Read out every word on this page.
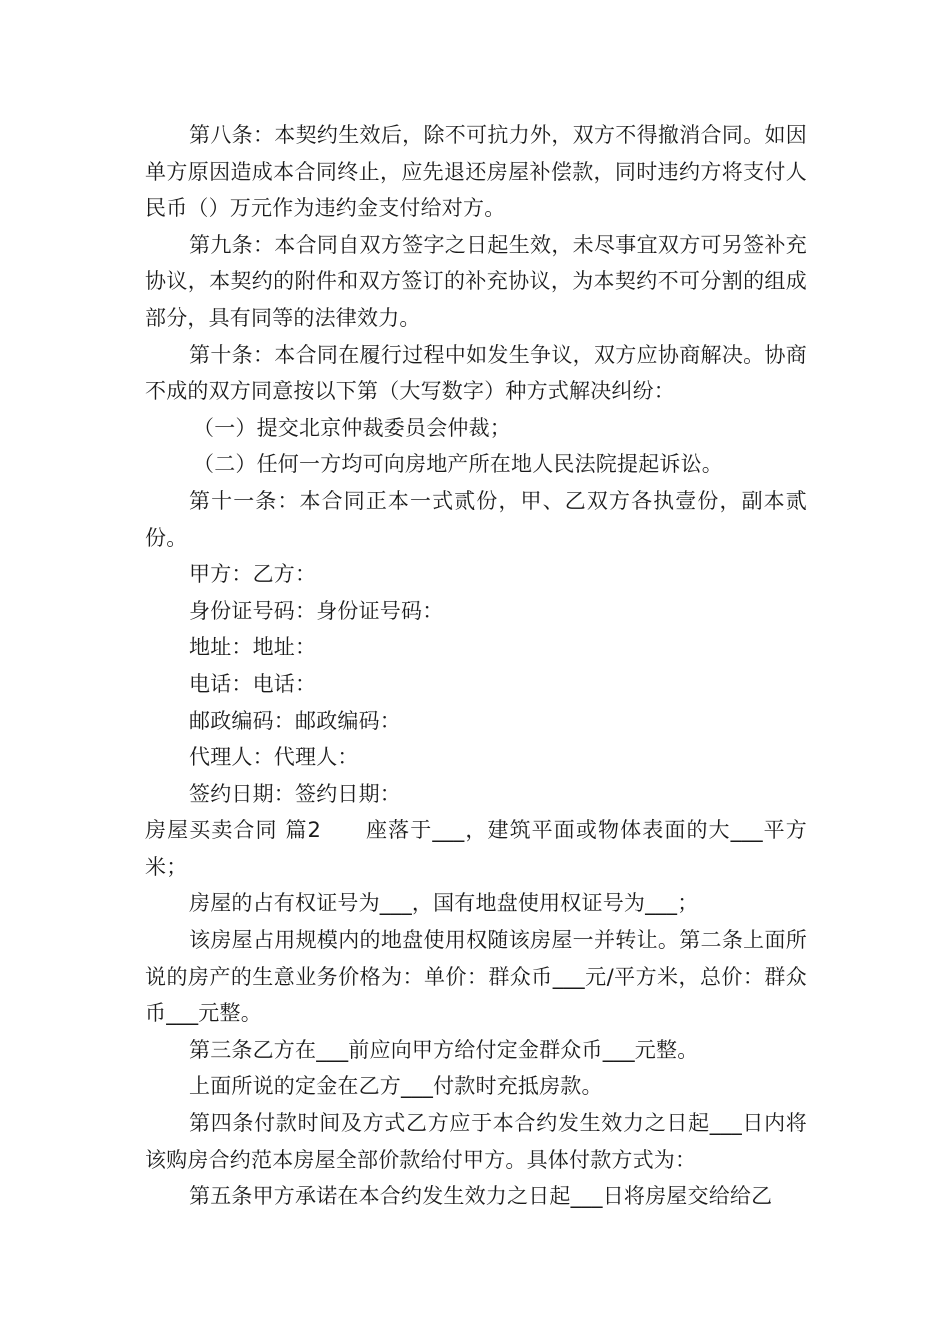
第八条：本契约生效后，除不可抗力外，双方不得撤消合同。如因单方原因造成本合同终止，应先退还房屋补偿款，同时违约方将支付人民币（）万元作为违约金支付给对方。

第九条：本合同自双方签字之日起生效，未尽事宜双方可另签补充协议，本契约的附件和双方签订的补充协议，为本契约不可分割的组成部分，具有同等的法律效力。

第十条：本合同在履行过程中如发生争议，双方应协商解决。协商不成的双方同意按以下第（大写数字）种方式解决纠纷：

（一）提交北京仲裁委员会仲裁；

（二）任何一方均可向房地产所在地人民法院提起诉讼。

第十一条：本合同正本一式贰份，甲、乙双方各执壹份，副本贰份。

甲方：乙方：

身份证号码：身份证号码：

地址：地址：

电话：电话：

邮政编码：邮政编码：

代理人：代理人：

签约日期：签约日期：

房屋买卖合同 篇2 座落于___，建筑平面或物体表面的大___平方米；

房屋的占有权证号为___，国有地盘使用权证号为___；

该房屋占用规模内的地盘使用权随该房屋一并转让。第二条上面所说的房产的生意业务价格为：单价：群众币___元/平方米，总价：群众币___元整。

第三条乙方在___前应向甲方给付定金群众币___元整。

上面所说的定金在乙方___付款时充抵房款。

第四条付款时间及方式乙方应于本合约发生效力之日起___日内将该购房合约范本房屋全部价款给付甲方。具体付款方式为：

第五条甲方承诺在本合约发生效力之日起___日将房屋交给给乙
